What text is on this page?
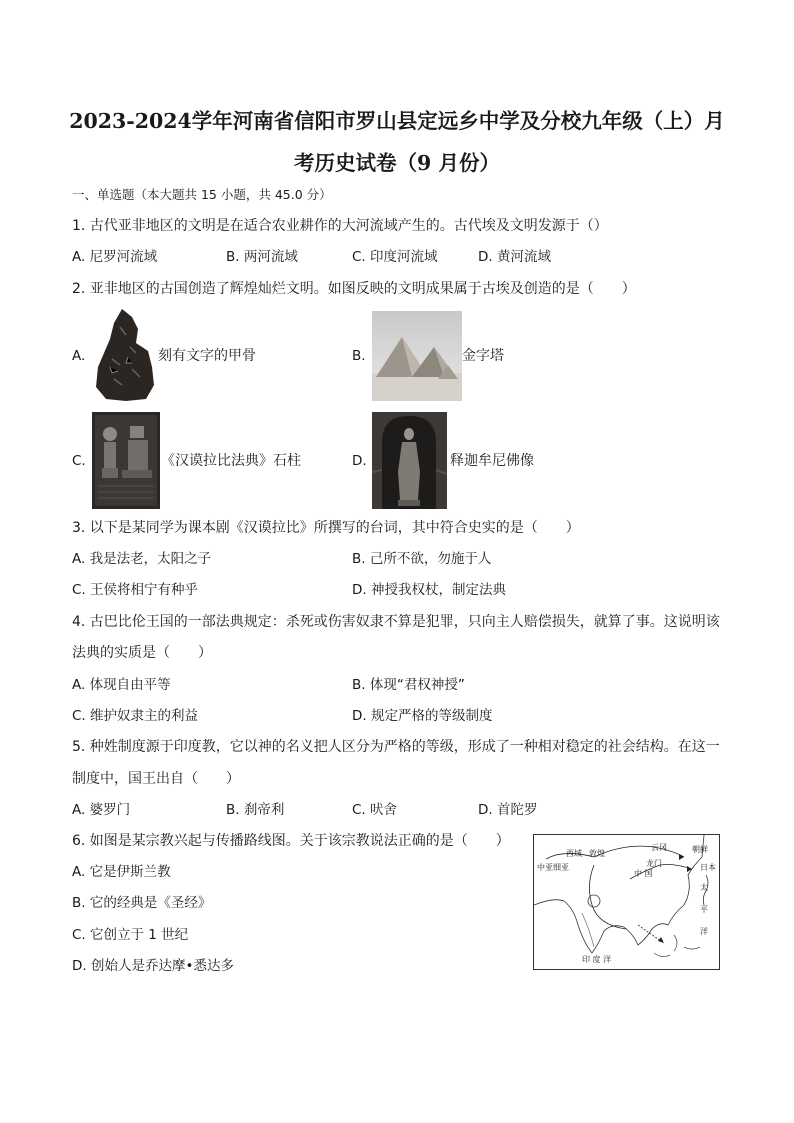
2023-2024学年河南省信阳市罗山县定远乡中学及分校九年级（上）月
考历史试卷（9 月份）
一、单选题（本大题共 15 小题，共 45.0 分）
1. 古代亚非地区的文明是在适合农业耕作的大河流域产生的。古代埃及文明发源于（）
A. 尼罗河流域	B. 两河流域	C. 印度河流域	D. 黄河流域
2. 亚非地区的古国创造了辉煌灿烂文明。如图反映的文明成果属于古埃及创造的是（　　）
A.	刻有文字的甲骨	B.	金字塔
C.	《汉谟拉比法典》石柱	D.	释迦牟尼佛像
3. 以下是某同学为课本剧《汉谟拉比》所撰写的台词，其中符合史实的是（　　）
A. 我是法老，太阳之子	B. 己所不欲，勿施于人
C. 王侯将相宁有种乎	D. 神授我权杖，制定法典
4. 古巴比伦王国的一部法典规定：杀死或伤害奴隶不算是犯罪，只向主人赔偿损失，就算了事。这说明该
法典的实质是（　　）
A. 体现自由平等	B. 体现“君权神授”
C. 维护奴隶主的利益	D. 规定严格的等级制度
5. 种姓制度源于印度教，它以神的名义把人区分为严格的等级，形成了一种相对稳定的社会结构。在这一
制度中，国王出自（　　）
A. 婆罗门	B. 刹帝利	C. 吠舍	D. 首陀罗
6. 如图是某宗教兴起与传播路线图。关于该宗教说法正确的是（　　）
A. 它是伊斯兰教
B. 它的经典是《圣经》
C. 它创立于 1 世纪
D. 创始人是乔达摩•悉达多
西域 敦煌
云冈	朝鲜
中亚细亚	龙门	日本
中 国
太
平
洋
印 度 洋
